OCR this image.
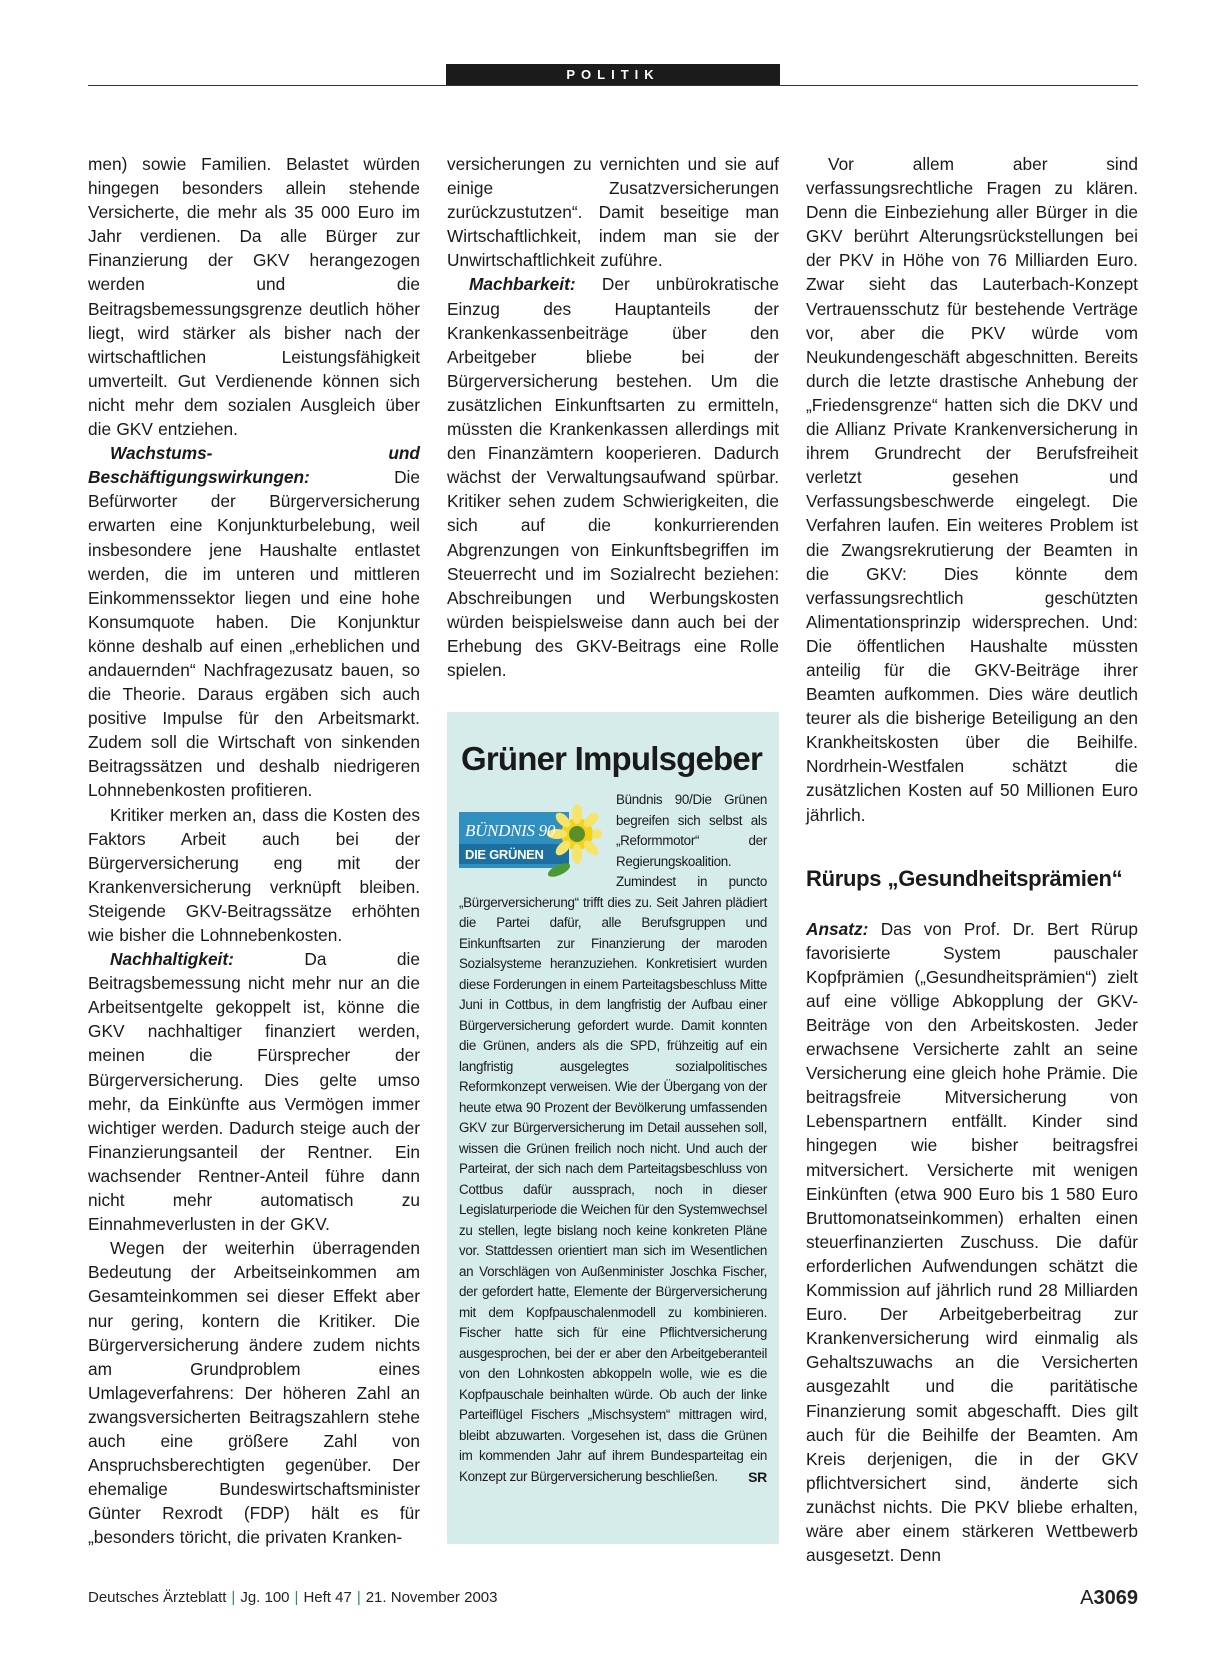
POLITIK

men) sowie Familien. Belastet würden hingegen besonders allein stehende Versicherte, die mehr als 35 000 Euro im Jahr verdienen. Da alle Bürger zur Finanzierung der GKV herangezogen werden und die Beitragsbemessungsgrenze deutlich höher liegt, wird stärker als bisher nach der wirtschaftlichen Leistungsfähigkeit umverteilt. Gut Verdienende können sich nicht mehr dem sozialen Ausgleich über die GKV entziehen.

Wachstums- und Beschäftigungswirkungen: Die Befürworter der Bürgerversicherung erwarten eine Konjunkturbelebung, weil insbesondere jene Haushalte entlastet werden, die im unteren und mittleren Einkommenssektor liegen und eine hohe Konsumquote haben. Die Konjunktur könne deshalb auf einen „erheblichen und andauernden“ Nachfragezusatz bauen, so die Theorie. Daraus ergäben sich auch positive Impulse für den Arbeitsmarkt. Zudem soll die Wirtschaft von sinkenden Beitragssätzen und deshalb niedrigeren Lohnnebenkosten profitieren.

Kritiker merken an, dass die Kosten des Faktors Arbeit auch bei der Bürgerversicherung eng mit der Krankenversicherung verknüpft bleiben. Steigende GKV-Beitragssätze erhöhten wie bisher die Lohnnebenkosten.

Nachhaltigkeit: Da die Beitragsbemessung nicht mehr nur an die Arbeitsentgelte gekoppelt ist, könne die GKV nachhaltiger finanziert werden, meinen die Fürsprecher der Bürgerversicherung. Dies gelte umso mehr, da Einkünfte aus Vermögen immer wichtiger werden. Dadurch steige auch der Finanzierungsanteil der Rentner. Ein wachsender Rentner-Anteil führe dann nicht mehr automatisch zu Einnahmeverlusten in der GKV.

Wegen der weiterhin überragenden Bedeutung der Arbeitseinkommen am Gesamteinkommen sei dieser Effekt aber nur gering, kontern die Kritiker. Die Bürgerversicherung ändere zudem nichts am Grundproblem eines Umlageverfahrens: Der höheren Zahl an zwangsversicherten Beitragszahlern stehe auch eine größere Zahl von Anspruchsberechtigten gegenüber. Der ehemalige Bundeswirtschaftsminister Günter Rexrodt (FDP) hält es für „besonders töricht, die privaten Kranken-

versicherungen zu vernichten und sie auf einige Zusatzversicherungen zurückzustutzen“. Damit beseitige man Wirtschaftlichkeit, indem man sie der Unwirtschaftlichkeit zuführe.

Machbarkeit: Der unbürokratische Einzug des Hauptanteils der Krankenkassenbeiträge über den Arbeitgeber bliebe bei der Bürgerversicherung bestehen. Um die zusätzlichen Einkunftsarten zu ermitteln, müssten die Krankenkassen allerdings mit den Finanzämtern kooperieren. Dadurch wächst der Verwaltungsaufwand spürbar. Kritiker sehen zudem Schwierigkeiten, die sich auf die konkurrierenden Abgrenzungen von Einkunftsbegriffen im Steuerrecht und im Sozialrecht beziehen: Abschreibungen und Werbungskosten würden beispielsweise dann auch bei der Erhebung des GKV-Beitrags eine Rolle spielen.

Grüner Impulsgeber
BÜNDNIS 90
DIE GRÜNEN
Bündnis 90/Die Grünen begreifen sich selbst als „Reformmotor“ der Regierungskoalition. Zumindest in puncto „Bürgerversicherung“ trifft dies zu. Seit Jahren plädiert die Partei dafür, alle Berufsgruppen und Einkunftsarten zur Finanzierung der maroden Sozialsysteme heranzuziehen. Konkretisiert wurden diese Forderungen in einem Parteitagsbeschluss Mitte Juni in Cottbus, in dem langfristig der Aufbau einer Bürgerversicherung gefordert wurde. Damit konnten die Grünen, anders als die SPD, frühzeitig auf ein langfristig ausgelegtes sozialpolitisches Reformkonzept verweisen. Wie der Übergang von der heute etwa 90 Prozent der Bevölkerung umfassenden GKV zur Bürgerversicherung im Detail aussehen soll, wissen die Grünen freilich noch nicht. Und auch der Parteirat, der sich nach dem Parteitagsbeschluss von Cottbus dafür aussprach, noch in dieser Legislaturperiode die Weichen für den Systemwechsel zu stellen, legte bislang noch keine konkreten Pläne vor. Stattdessen orientiert man sich im Wesentlichen an Vorschlägen von Außenminister Joschka Fischer, der gefordert hatte, Elemente der Bürgerversicherung mit dem Kopfpauschalenmodell zu kombinieren. Fischer hatte sich für eine Pflichtversicherung ausgesprochen, bei der er aber den Arbeitgeberanteil von den Lohnkosten abkoppeln wolle, wie es die Kopfpauschale beinhalten würde. Ob auch der linke Parteiflügel Fischers „Mischsystem“ mittragen wird, bleibt abzuwarten. Vorgesehen ist, dass die Grünen im kommenden Jahr auf ihrem Bundesparteitag ein Konzept zur Bürgerversicherung beschließen. SR

Vor allem aber sind verfassungsrechtliche Fragen zu klären. Denn die Einbeziehung aller Bürger in die GKV berührt Alterungsrückstellungen bei der PKV in Höhe von 76 Milliarden Euro. Zwar sieht das Lauterbach-Konzept Vertrauensschutz für bestehende Verträge vor, aber die PKV würde vom Neukundengeschäft abgeschnitten. Bereits durch die letzte drastische Anhebung der „Friedensgrenze“ hatten sich die DKV und die Allianz Private Krankenversicherung in ihrem Grundrecht der Berufsfreiheit verletzt gesehen und Verfassungsbeschwerde eingelegt. Die Verfahren laufen. Ein weiteres Problem ist die Zwangsrekrutierung der Beamten in die GKV: Dies könnte dem verfassungsrechtlich geschützten Alimentationsprinzip widersprechen. Und: Die öffentlichen Haushalte müssten anteilig für die GKV-Beiträge ihrer Beamten aufkommen. Dies wäre deutlich teurer als die bisherige Beteiligung an den Krankheitskosten über die Beihilfe. Nordrhein-Westfalen schätzt die zusätzlichen Kosten auf 50 Millionen Euro jährlich.

Rürups „Gesundheitsprämien“

Ansatz: Das von Prof. Dr. Bert Rürup favorisierte System pauschaler Kopfprämien („Gesundheitsprämien“) zielt auf eine völlige Abkopplung der GKV-Beiträge von den Arbeitskosten. Jeder erwachsene Versicherte zahlt an seine Versicherung eine gleich hohe Prämie. Die beitragsfreie Mitversicherung von Lebenspartnern entfällt. Kinder sind hingegen wie bisher beitragsfrei mitversichert. Versicherte mit wenigen Einkünften (etwa 900 Euro bis 1 580 Euro Bruttomonatseinkommen) erhalten einen steuerfinanzierten Zuschuss. Die dafür erforderlichen Aufwendungen schätzt die Kommission auf jährlich rund 28 Milliarden Euro. Der Arbeitgeberbeitrag zur Krankenversicherung wird einmalig als Gehaltszuwachs an die Versicherten ausgezahlt und die paritätische Finanzierung somit abgeschafft. Dies gilt auch für die Beihilfe der Beamten. Am Kreis derjenigen, die in der GKV pflichtversichert sind, änderte sich zunächst nichts. Die PKV bliebe erhalten, wäre aber einem stärkeren Wettbewerb ausgesetzt. Denn

Deutsches Ärzteblatt | Jg. 100 | Heft 47 | 21. November 2003	A3069
